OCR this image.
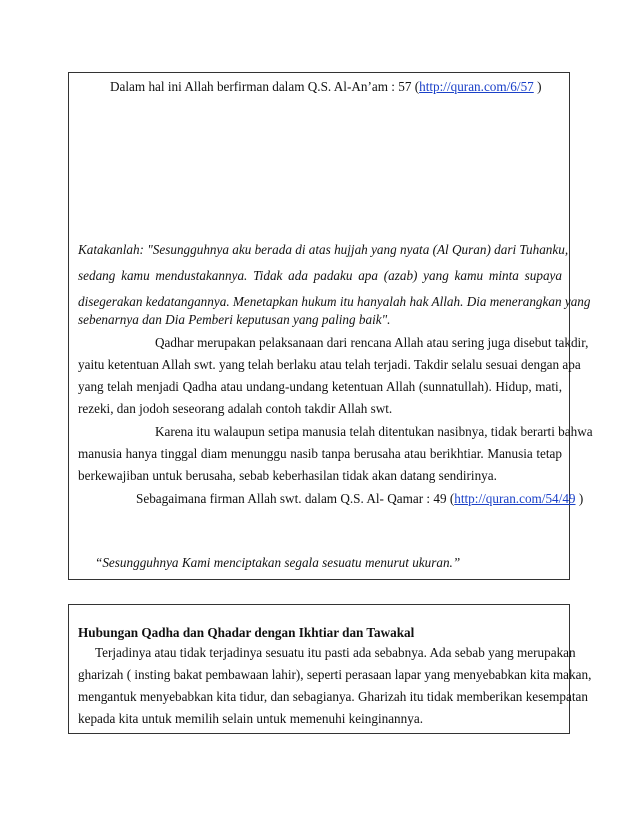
Dalam hal ini Allah berfirman dalam Q.S. Al-An’am : 57 (http://quran.com/6/57 )
Katakanlah: "Sesungguhnya aku berada di atas hujjah yang nyata (Al Quran) dari Tuhanku,
sedang kamu mendustakannya. Tidak ada padaku apa (azab) yang kamu minta supaya
disegerakan kedatangannya. Menetapkan hukum itu hanyalah hak Allah. Dia menerangkan yang
sebenarnya dan Dia Pemberi keputusan yang paling baik".
Qadhar merupakan pelaksanaan dari rencana Allah atau sering juga disebut takdir,
yaitu ketentuan Allah swt. yang telah berlaku atau telah terjadi. Takdir selalu sesuai dengan apa
yang telah menjadi Qadha atau undang-undang ketentuan Allah (sunnatullah). Hidup, mati,
rezeki, dan jodoh seseorang adalah contoh takdir Allah swt.
Karena itu walaupun setipa manusia telah ditentukan nasibnya, tidak berarti bahwa
manusia hanya tinggal diam menunggu nasib tanpa berusaha atau berikhtiar. Manusia tetap
berkewajiban untuk berusaha, sebab keberhasilan tidak akan datang sendirinya.
Sebagaimana firman Allah swt. dalam Q.S. Al- Qamar : 49 (http://quran.com/54/49 )
“Sesungguhnya Kami menciptakan segala sesuatu menurut ukuran.”
Hubungan Qadha dan Qhadar dengan Ikhtiar dan Tawakal
Terjadinya atau tidak terjadinya sesuatu itu pasti ada sebabnya. Ada sebab yang merupakan
gharizah ( insting bakat pembawaan lahir), seperti perasaan lapar yang menyebabkan kita makan,
mengantuk menyebabkan kita tidur, dan sebagianya. Gharizah itu tidak memberikan kesempatan
kepada kita untuk memilih selain untuk memenuhi keinginannya.
